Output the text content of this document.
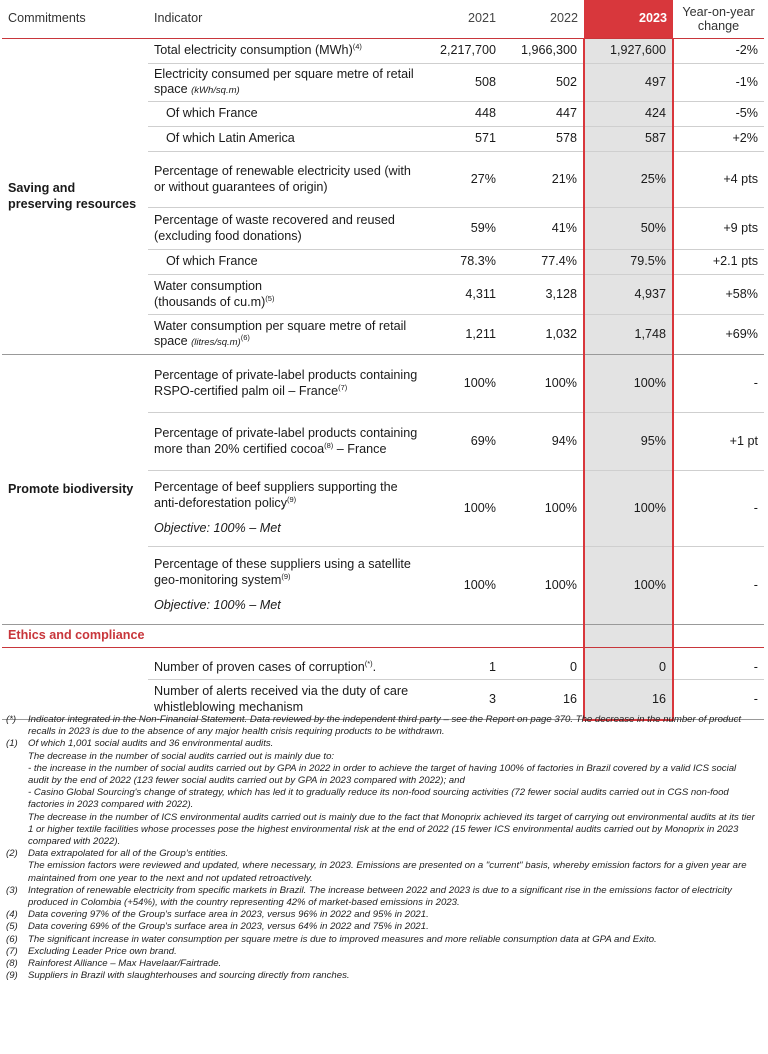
Commitments	Indicator	2021	2022	2023	Year-on-year
change
Saving and preserving resources	Total electricity consumption (MWh)$^{(4)}$	2,217,700	1,966,300	1,927,600	-2%
	Electricity consumed per square metre of retail space (kWh/sq.m)	508	502	497	-1%
	Of which France	448	447	424	-5%
	Of which Latin America	571	578	587	+2%
	Percentage of renewable electricity used (with or without guarantees of origin)	27%	21%	25%	+4 pts
	Percentage of waste recovered and reused (excluding food donations)	59%	41%	50%	+9 pts
	Of which France	78.3%	77.4%	79.5%	+2.1 pts
	Water consumption
(thousands of cu.m)$^{(5)}$	4,311	3,128	4,937	+58%
	Water consumption per square metre of retail space (litres/sq.m)$^{(6)}$	1,211	1,032	1,748	+69%
Promote biodiversity	Percentage of private-label products containing RSPO-certified palm oil – France$^{(7)}$	100%	100%	100%	-
	Percentage of private-label products containing more than 20% certified cocoa$^{(8)}$ – France	69%	94%	95%	+1 pt
	Percentage of beef suppliers supporting the anti-deforestation policy$^{(9)}$
Objective: 100% – Met	100%	100%	100%	-
	Percentage of these suppliers using a satellite geo-monitoring system$^{(9)}$
Objective: 100% – Met	100%	100%	100%	-
Ethics and compliance					

	Number of proven cases of corruption(*).	1	0	0	-
	Number of alerts received via the duty of care whistleblowing mechanism	3	16	16	-
(*)	Indicator integrated in the Non-Financial Statement. Data reviewed by the independent third party – see the Report on page 370. The decrease in the number of product recalls in 2023 is due to the absence of any major health crisis requiring products to be withdrawn.

(1)	Of which 1,001 social audits and 36 environmental audits.

The decrease in the number of social audits carried out is mainly due to:

- the increase in the number of social audits carried out by GPA in 2022 in order to achieve the target of having 100% of factories in Brazil covered by a valid ICS social audit by the end of 2022 (123 fewer social audits carried out by GPA in 2023 compared with 2022); and

- Casino Global Sourcing's change of strategy, which has led it to gradually reduce its non-food sourcing activities (72 fewer social audits carried out in CGS non-food factories in 2023 compared with 2022).

The decrease in the number of ICS environmental audits carried out is mainly due to the fact that Monoprix achieved its target of carrying out environmental audits at its tier 1 or higher textile facilities whose processes pose the highest environmental risk at the end of 2022 (15 fewer ICS environmental audits carried out by Monoprix in 2023 compared with 2022).

(2)	Data extrapolated for all of the Group's entities.

The emission factors were reviewed and updated, where necessary, in 2023. Emissions are presented on a "current" basis, whereby emission factors for a given year are maintained from one year to the next and not updated retroactively.

(3)	Integration of renewable electricity from specific markets in Brazil. The increase between 2022 and 2023 is due to a significant rise in the emissions factor of electricity produced in Colombia (+54%), with the country representing 42% of market-based emissions in 2023.

(4)	Data covering 97% of the Group's surface area in 2023, versus 96% in 2022 and 95% in 2021.

(5)	Data covering 69% of the Group's surface area in 2023, versus 64% in 2022 and 75% in 2021.

(6)	The significant increase in water consumption per square metre is due to improved measures and more reliable consumption data at GPA and Exito.

(7)	Excluding Leader Price own brand.

(8)	Rainforest Alliance – Max Havelaar/Fairtrade.

(9)	Suppliers in Brazil with slaughterhouses and sourcing directly from ranches.
